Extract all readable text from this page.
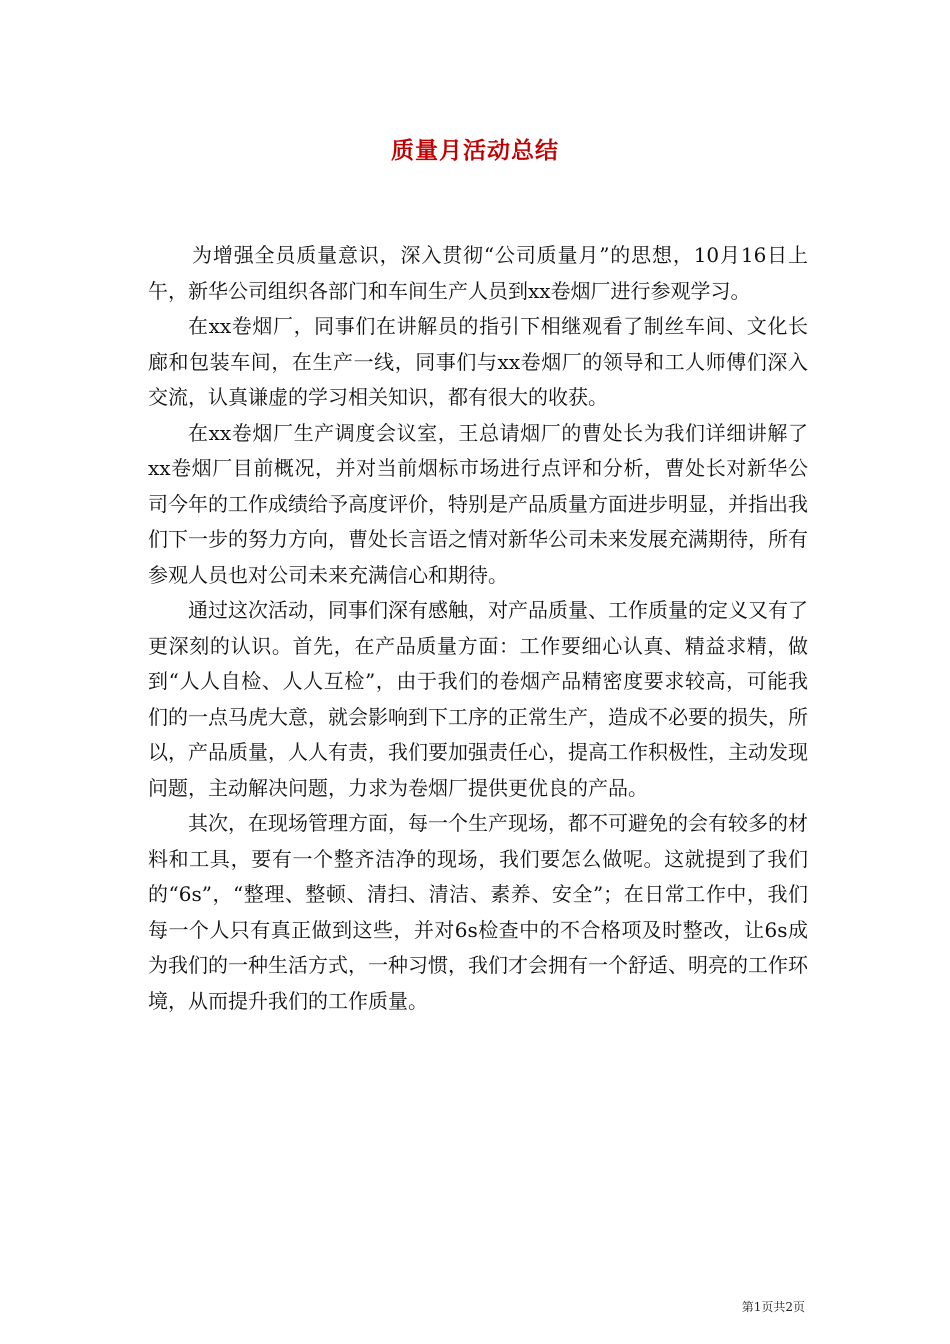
质量月活动总结

为增强全员质量意识，深入贯彻“公司质量月”的思想，10月16日上午，新华公司组织各部门和车间生产人员到xx卷烟厂进行参观学习。

在xx卷烟厂，同事们在讲解员的指引下相继观看了制丝车间、文化长廊和包装车间，在生产一线，同事们与xx卷烟厂的领导和工人师傅们深入交流，认真谦虚的学习相关知识，都有很大的收获。

在xx卷烟厂生产调度会议室，王总请烟厂的曹处长为我们详细讲解了xx卷烟厂目前概况，并对当前烟标市场进行点评和分析，曹处长对新华公司今年的工作成绩给予高度评价，特别是产品质量方面进步明显，并指出我们下一步的努力方向，曹处长言语之情对新华公司未来发展充满期待，所有参观人员也对公司未来充满信心和期待。

通过这次活动，同事们深有感触，对产品质量、工作质量的定义又有了更深刻的认识。首先，在产品质量方面：工作要细心认真、精益求精，做到“人人自检、人人互检”，由于我们的卷烟产品精密度要求较高，可能我们的一点马虎大意，就会影响到下工序的正常生产，造成不必要的损失，所以，产品质量，人人有责，我们要加强责任心，提高工作积极性，主动发现问题，主动解决问题，力求为卷烟厂提供更优良的产品。

其次，在现场管理方面，每一个生产现场，都不可避免的会有较多的材料和工具，要有一个整齐洁净的现场，我们要怎么做呢。这就提到了我们的“6s”，“整理、整顿、清扫、清洁、素养、安全”；在日常工作中，我们每一个人只有真正做到这些，并对6s检查中的不合格项及时整改，让6s成为我们的一种生活方式，一种习惯，我们才会拥有一个舒适、明亮的工作环境，从而提升我们的工作质量。

第1页共2页
